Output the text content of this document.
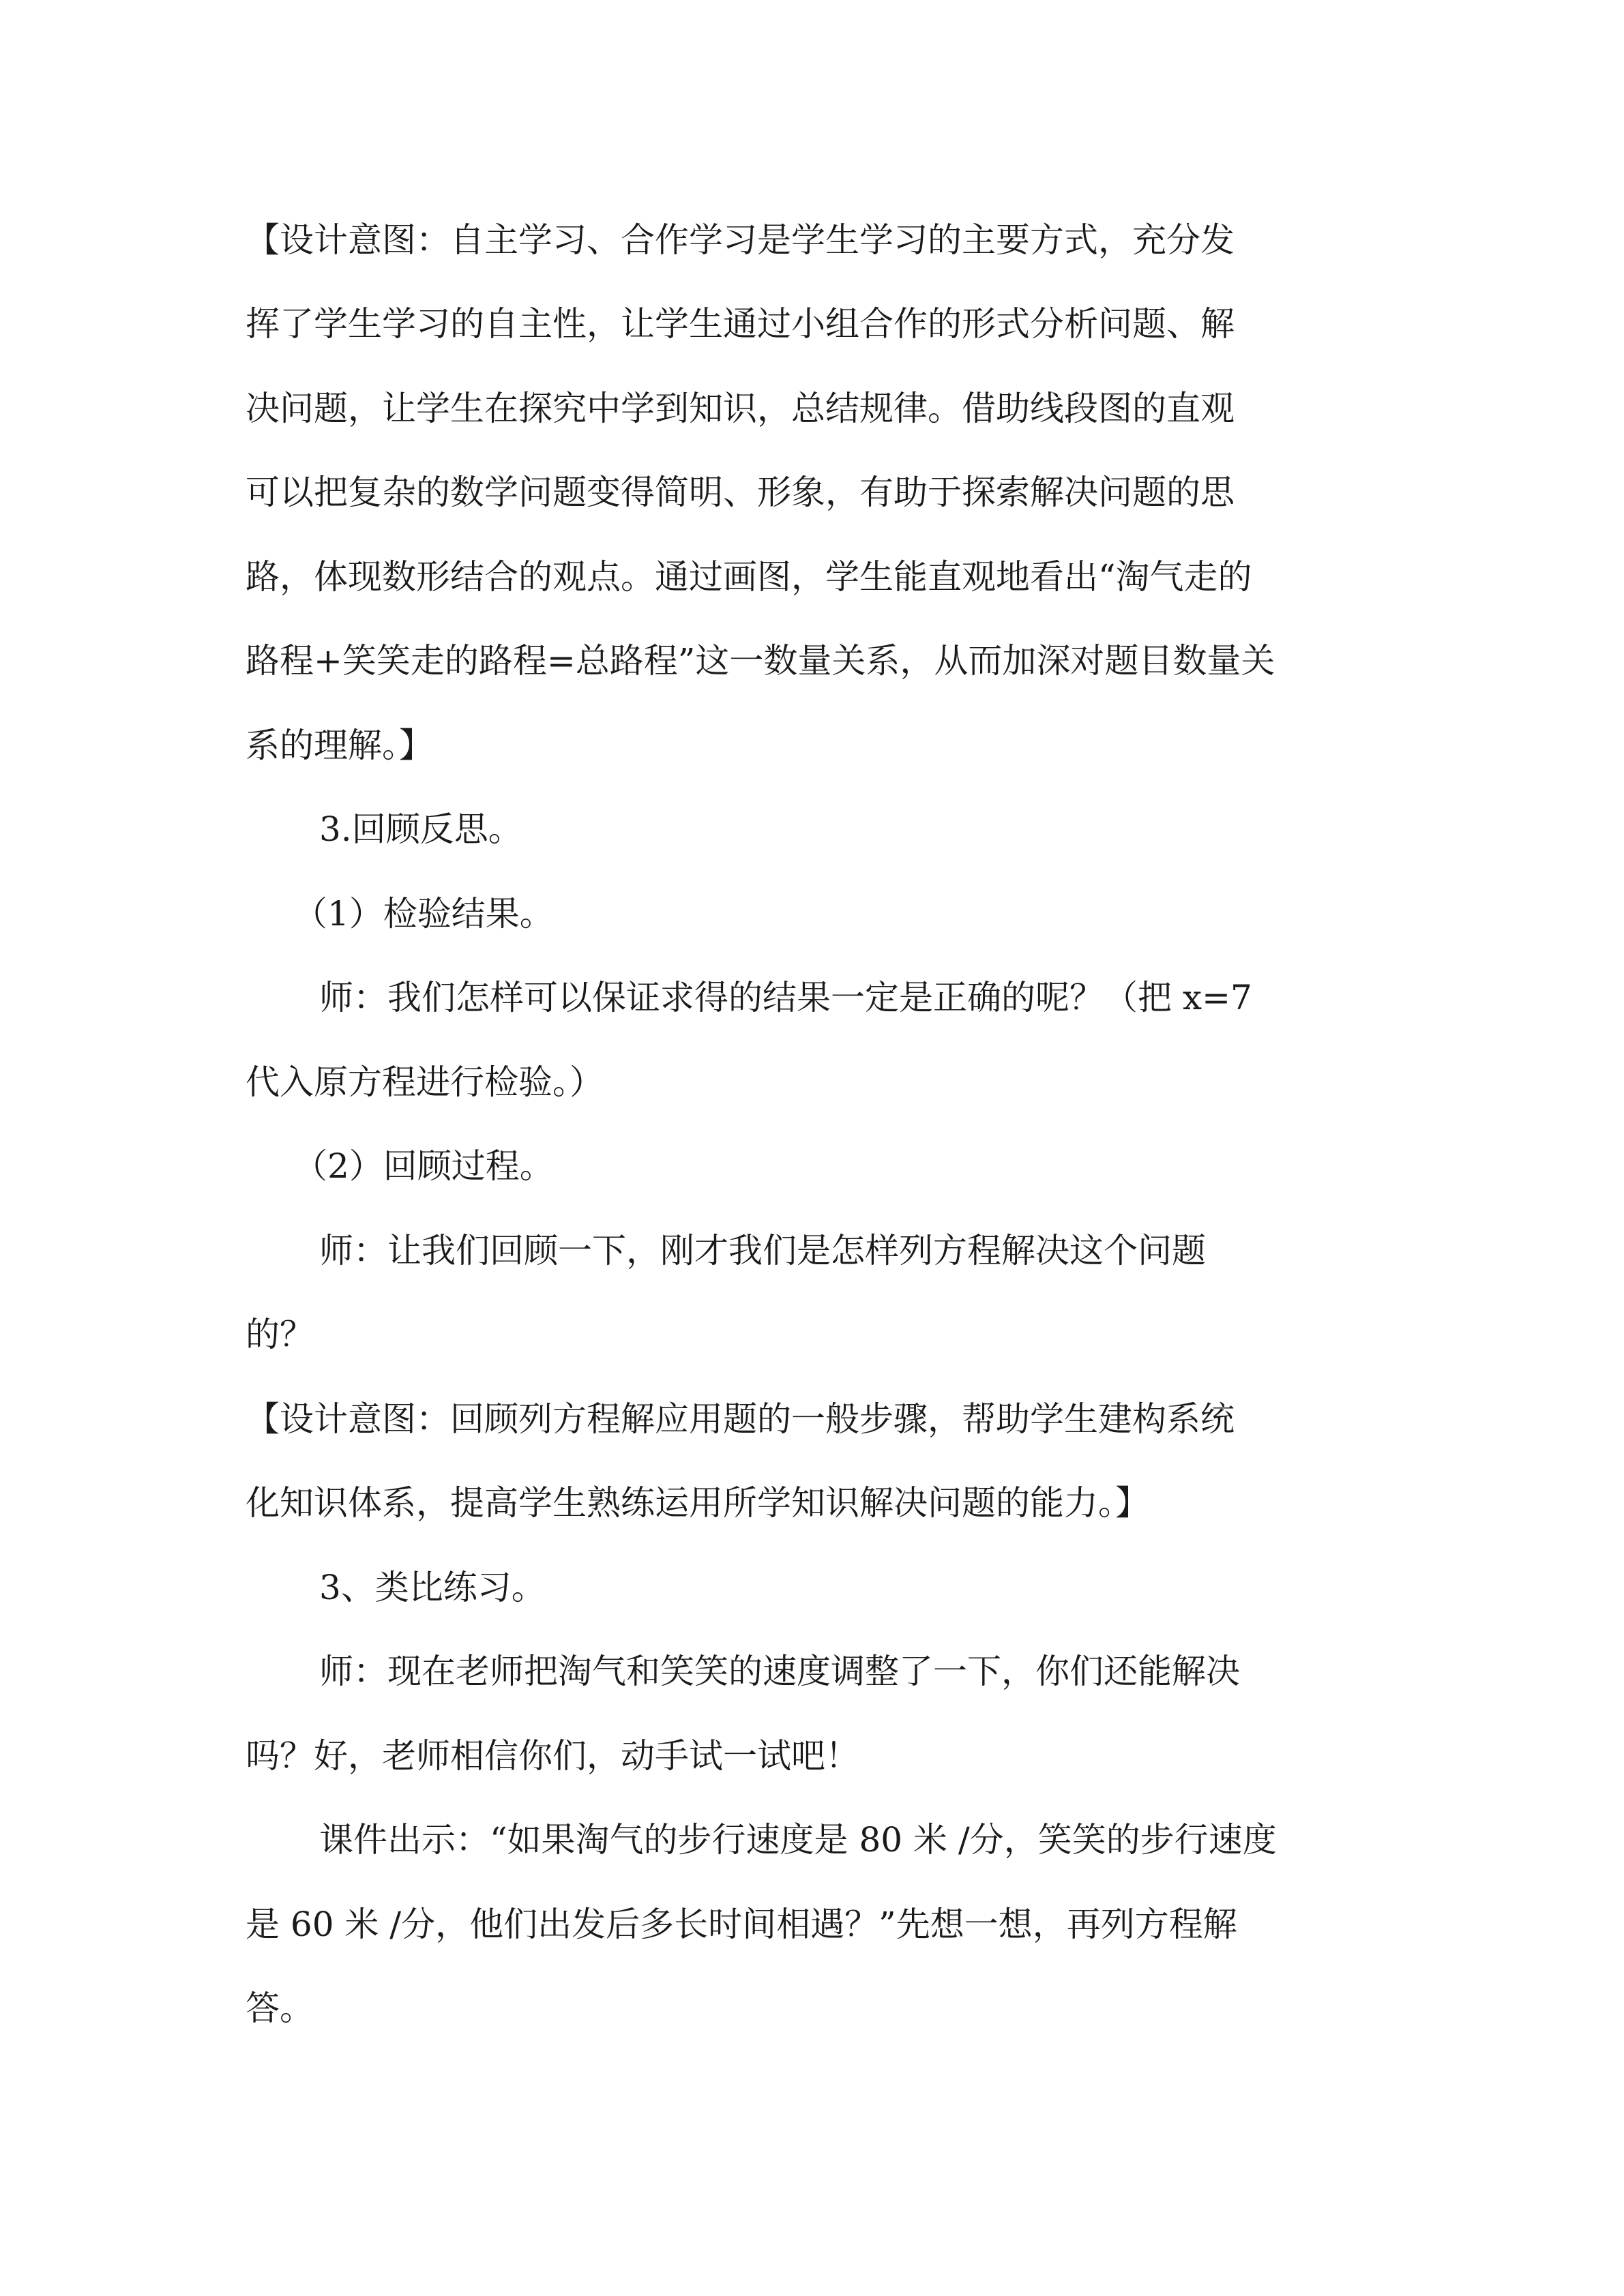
【设计意图：自主学习、合作学习是学生学习的主要方式，充分发
挥了学生学习的自主性，让学生通过小组合作的形式分析问题、解
决问题，让学生在探究中学到知识，总结规律。借助线段图的直观
可以把复杂的数学问题变得简明、形象，有助于探索解决问题的思
路，体现数形结合的观点。通过画图，学生能直观地看出“淘气走的
路程+笑笑走的路程=总路程”这一数量关系，从而加深对题目数量关
系的理解。】
3.回顾反思。
（1）检验结果。
师：我们怎样可以保证求得的结果一定是正确的呢？（把 x=7
代入原方程进行检验。）
（2）回顾过程。
师：让我们回顾一下，刚才我们是怎样列方程解决这个问题
的？
【设计意图：回顾列方程解应用题的一般步骤，帮助学生建构系统
化知识体系，提高学生熟练运用所学知识解决问题的能力。】
3、类比练习。
师：现在老师把淘气和笑笑的速度调整了一下，你们还能解决
吗？好，老师相信你们，动手试一试吧！
课件出示：“如果淘气的步行速度是 80 米 /分，笑笑的步行速度
是 60 米 /分，他们出发后多长时间相遇？”先想一想，再列方程解
答。
